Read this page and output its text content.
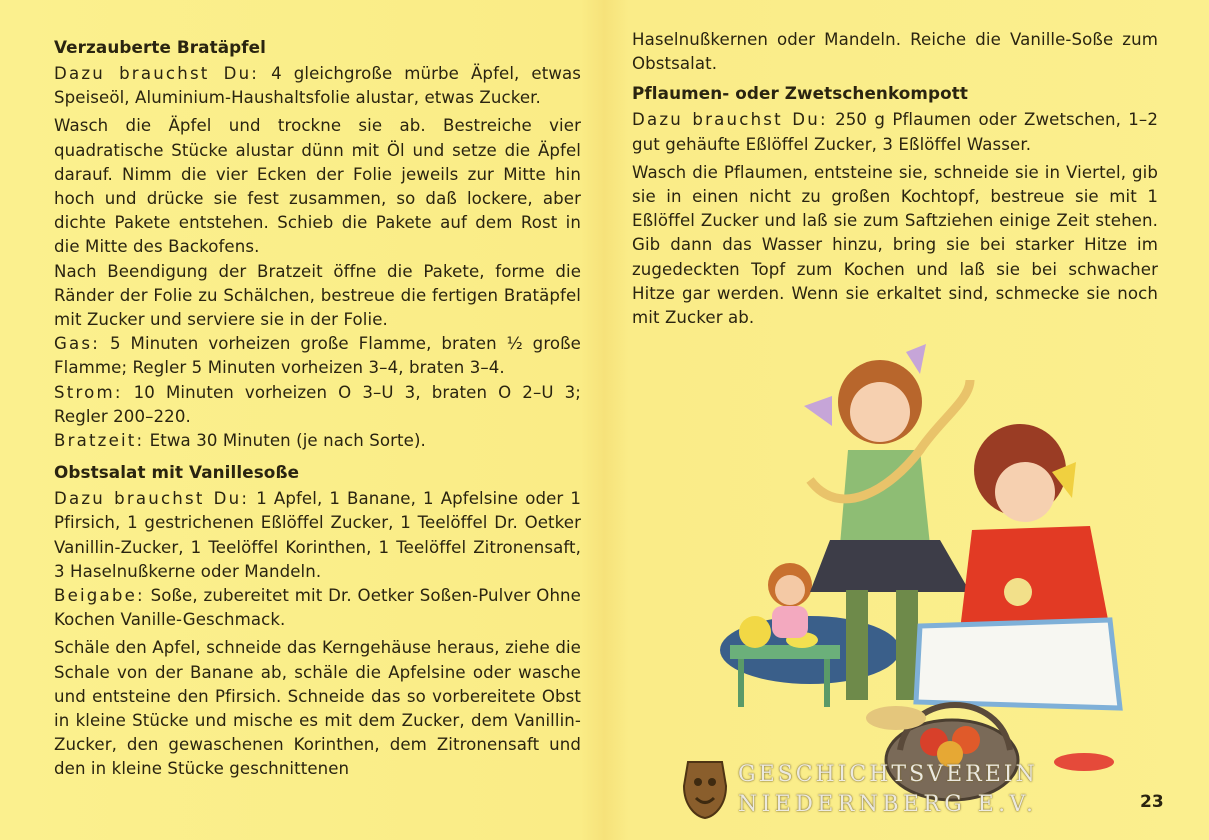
Verzauberte Bratäpfel

Dazu brauchst Du: 4 gleichgroße mürbe Äpfel, etwas Speiseöl, Aluminium-Haushaltsfolie alustar, etwas Zucker.

Wasch die Äpfel und trockne sie ab. Bestreiche vier quadratische Stücke alustar dünn mit Öl und setze die Äpfel darauf. Nimm die vier Ecken der Folie jeweils zur Mitte hin hoch und drücke sie fest zusammen, so daß lockere, aber dichte Pakete entstehen. Schieb die Pakete auf dem Rost in die Mitte des Backofens.

Nach Beendigung der Bratzeit öffne die Pakete, forme die Ränder der Folie zu Schälchen, bestreue die fertigen Bratäpfel mit Zucker und serviere sie in der Folie.

Gas: 5 Minuten vorheizen große Flamme, braten ½ große Flamme; Regler 5 Minuten vorheizen 3–4, braten 3–4.

Strom: 10 Minuten vorheizen O 3–U 3, braten O 2–U 3; Regler 200–220.

Bratzeit: Etwa 30 Minuten (je nach Sorte).

Obstsalat mit Vanillesoße

Dazu brauchst Du: 1 Apfel, 1 Banane, 1 Apfelsine oder 1 Pfirsich, 1 gestrichenen Eßlöffel Zucker, 1 Teelöffel Dr. Oetker Vanillin-Zucker, 1 Teelöffel Korinthen, 1 Teelöffel Zitronensaft, 3 Haselnußkerne oder Mandeln.

Beigabe: Soße, zubereitet mit Dr. Oetker Soßen-Pulver Ohne Kochen Vanille-Geschmack.

Schäle den Apfel, schneide das Kerngehäuse heraus, ziehe die Schale von der Banane ab, schäle die Apfelsine oder wasche und entsteine den Pfirsich. Schneide das so vorbereitete Obst in kleine Stücke und mische es mit dem Zucker, dem Vanillin-Zucker, den gewaschenen Korinthen, dem Zitronensaft und den in kleine Stücke geschnittenen

Haselnußkernen oder Mandeln. Reiche die Vanille-Soße zum Obstsalat.

Pflaumen- oder Zwetschenkompott

Dazu brauchst Du: 250 g Pflaumen oder Zwetschen, 1–2 gut gehäufte Eßlöffel Zucker, 3 Eßlöffel Wasser.

Wasch die Pflaumen, entsteine sie, schneide sie in Viertel, gib sie in einen nicht zu großen Kochtopf, bestreue sie mit 1 Eßlöffel Zucker und laß sie zum Saftziehen einige Zeit stehen. Gib dann das Wasser hinzu, bring sie bei starker Hitze im zugedeckten Topf zum Kochen und laß sie bei schwacher Hitze gar werden. Wenn sie erkaltet sind, schmecke sie noch mit Zucker ab.

GESCHICHTSVEREIN
NIEDERNBERG E.V.	23
